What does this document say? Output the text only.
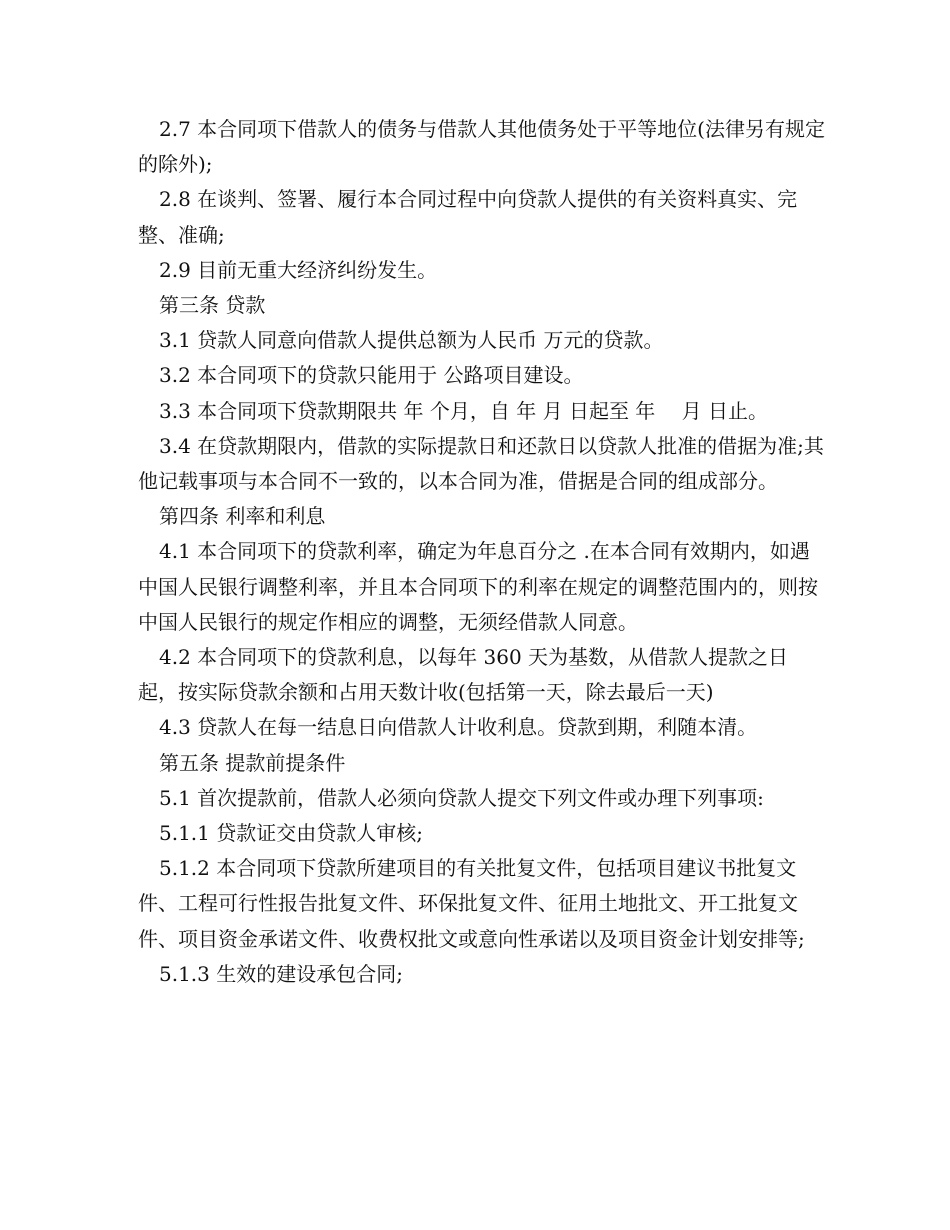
2.7 本合同项下借款人的债务与借款人其他债务处于平等地位(法律另有规定的除外);

2.8 在谈判、签署、履行本合同过程中向贷款人提供的有关资料真实、完整、准确;

2.9 目前无重大经济纠纷发生。

第三条 贷款

3.1 贷款人同意向借款人提供总额为人民币 万元的贷款。

3.2 本合同项下的贷款只能用于 公路项目建设。

3.3 本合同项下贷款期限共 年 个月，自 年 月 日起至 年　 月 日止。

3.4 在贷款期限内，借款的实际提款日和还款日以贷款人批准的借据为准;其他记载事项与本合同不一致的，以本合同为准，借据是合同的组成部分。

第四条 利率和利息

4.1 本合同项下的贷款利率，确定为年息百分之 .在本合同有效期内，如遇中国人民银行调整利率，并且本合同项下的利率在规定的调整范围内的，则按中国人民银行的规定作相应的调整，无须经借款人同意。

4.2 本合同项下的贷款利息，以每年 360 天为基数，从借款人提款之日起，按实际贷款余额和占用天数计收(包括第一天，除去最后一天)

4.3 贷款人在每一结息日向借款人计收利息。贷款到期，利随本清。

第五条 提款前提条件

5.1 首次提款前，借款人必须向贷款人提交下列文件或办理下列事项:

5.1.1 贷款证交由贷款人审核;

5.1.2 本合同项下贷款所建项目的有关批复文件，包括项目建议书批复文件、工程可行性报告批复文件、环保批复文件、征用土地批文、开工批复文件、项目资金承诺文件、收费权批文或意向性承诺以及项目资金计划安排等;

5.1.3 生效的建设承包合同;
